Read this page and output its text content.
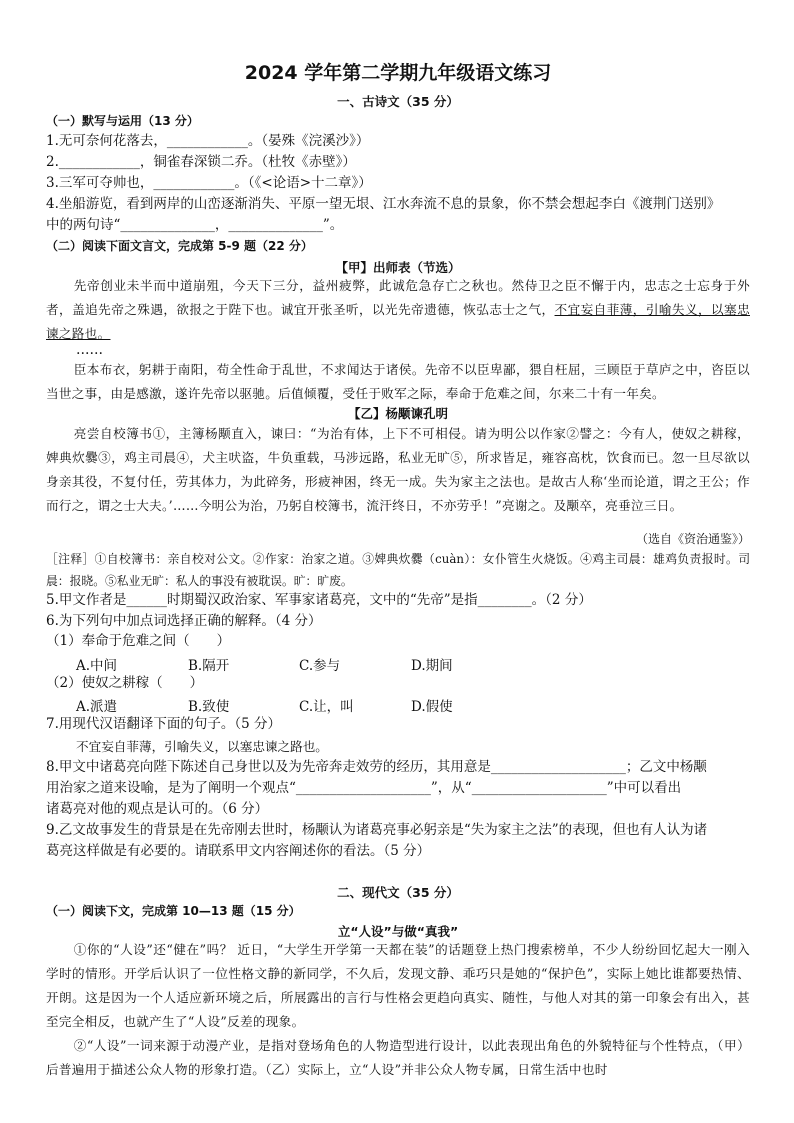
2024 学年第二学期九年级语文练习
一、古诗文（35 分）
（一）默写与运用（13 分）
1.无可奈何花落去，____________。（晏殊《浣溪沙》）
2.____________，铜雀春深锁二乔。（杜牧《赤壁》）
3.三军可夺帅也，____________。（《<论语>十二章》）
4.坐船游览，看到两岸的山峦逐渐消失、平原一望无垠、江水奔流不息的景象，你不禁会想起李白《渡荆门送别》
中的两句诗“______________，______________”。
（二）阅读下面文言文，完成第 5-9 题（22 分）
【甲】出师表（节选）

先帝创业未半而中道崩殂，今天下三分，益州疲弊，此诚危急存亡之秋也。然侍卫之臣不懈于内，忠志之士忘身于外者，盖追先帝之殊遇，欲报之于陛下也。诚宜开张圣听，以光先帝遗德，恢弘志士之气，不宜妄自菲薄，引喻失义，以塞忠谏之路也。

……

臣本布衣，躬耕于南阳，苟全性命于乱世，不求闻达于诸侯。先帝不以臣卑鄙，猥自枉屈，三顾臣于草庐之中，咨臣以当世之事，由是感激，遂许先帝以驱驰。后值倾覆，受任于败军之际，奉命于危难之间，尔来二十有一年矣。

【乙】杨颙谏孔明

亮尝自校簿书①，主簿杨颙直入，谏曰：“为治有体，上下不可相侵。请为明公以作家②譬之：今有人，使奴之耕稼，婢典炊爨③，鸡主司晨④，犬主吠盗，牛负重载，马涉远路，私业无旷⑤，所求皆足，雍容高枕，饮食而已。忽一旦尽欲以身亲其役，不复付任，劳其体力，为此碎务，形疲神困，终无一成。失为家主之法也。是故古人称‘坐而论道，谓之王公；作而行之，谓之士大夫。’……今明公为治，乃躬自校簿书，流汗终日，不亦劳乎！”亮谢之。及颙卒，亮垂泣三日。

（选自《资治通鉴》）
［注释］①自校簿书：亲自校对公文。②作家：治家之道。③婢典炊爨（cuàn）：女仆管生火烧饭。④鸡主司晨：雄鸡负责报时。司晨：报晓。⑤私业无旷：私人的事没有被耽误。旷：旷废。
5.甲文作者是______时期蜀汉政治家、军事家诸葛亮，文中的“先帝”是指________。（2 分）
6.为下列句中加点词选择正确的解释。（4 分）
（1）奉命于危难之间（　　）
A.中间	B.隔开	C.参与	D.期间
（2）使奴之耕稼（　　）
A.派遣	B.致使	C.让，叫	D.假使
7.用现代汉语翻译下面的句子。（5 分）
不宜妄自菲薄，引喻失义，以塞忠谏之路也。
8.甲文中诸葛亮向陛下陈述自己身世以及为先帝奔走效劳的经历，其用意是____________________；乙文中杨颙
用治家之道来设喻，是为了阐明一个观点“____________________”，从“____________________”中可以看出
诸葛亮对他的观点是认可的。（6 分）
9.乙文故事发生的背景是在先帝刚去世时，杨颙认为诸葛亮事必躬亲是“失为家主之法”的表现，但也有人认为诸
葛亮这样做是有必要的。请联系甲文内容阐述你的看法。（5 分）
二、现代文（35 分）
（一）阅读下文，完成第 10—13 题（15 分）
立“人设”与做“真我”

①你的“人设”还“健在”吗？ 近日，“大学生开学第一天都在装”的话题登上热门搜索榜单，不少人纷纷回忆起大一刚入学时的情形。开学后认识了一位性格文静的新同学，不久后，发现文静、乖巧只是她的“保护色”，实际上她比谁都要热情、开朗。这是因为一个人适应新环境之后，所展露出的言行与性格会更趋向真实、随性，与他人对其的第一印象会有出入，甚至完全相反，也就产生了“人设”反差的现象。

②“人设”一词来源于动漫产业，是指对登场角色的人物造型进行设计，以此表现出角色的外貌特征与个性特点，（甲）后普遍用于描述公众人物的形象打造。（乙）实际上，立“人设”并非公众人物专属，日常生活中也时
